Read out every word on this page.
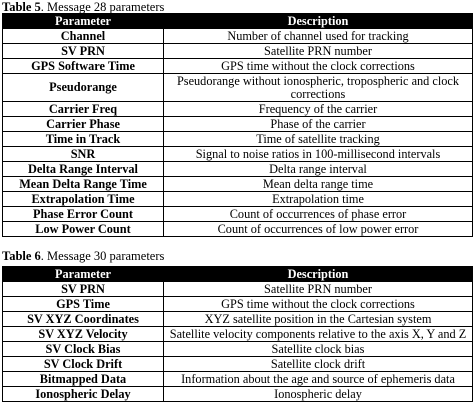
Table 5. Message 28 parameters
Parameter	Description
Channel	Number of channel used for tracking
SV PRN	Satellite PRN number
GPS Software Time	GPS time without the clock corrections
Pseudorange	Pseudorange without ionospheric, tropospheric and clock corrections
Carrier Freq	Frequency of the carrier
Carrier Phase	Phase of the carrier
Time in Track	Time of satellite tracking
SNR	Signal to noise ratios in 100-millisecond intervals
Delta Range Interval	Delta range interval
Mean Delta Range Time	Mean delta range time
Extrapolation Time	Extrapolation time
Phase Error Count	Count of occurrences of phase error
Low Power Count	Count of occurrences of low power error
Table 6. Message 30 parameters
Parameter	Description
SV PRN	Satellite PRN number
GPS Time	GPS time without the clock corrections
SV XYZ Coordinates	XYZ satellite position in the Cartesian system
SV XYZ Velocity	Satellite velocity components relative to the axis X, Y and Z
SV Clock Bias	Satellite clock bias
SV Clock Drift	Satellite clock drift
Bitmapped Data	Information about the age and source of ephemeris data
Ionospheric Delay	Ionospheric delay
